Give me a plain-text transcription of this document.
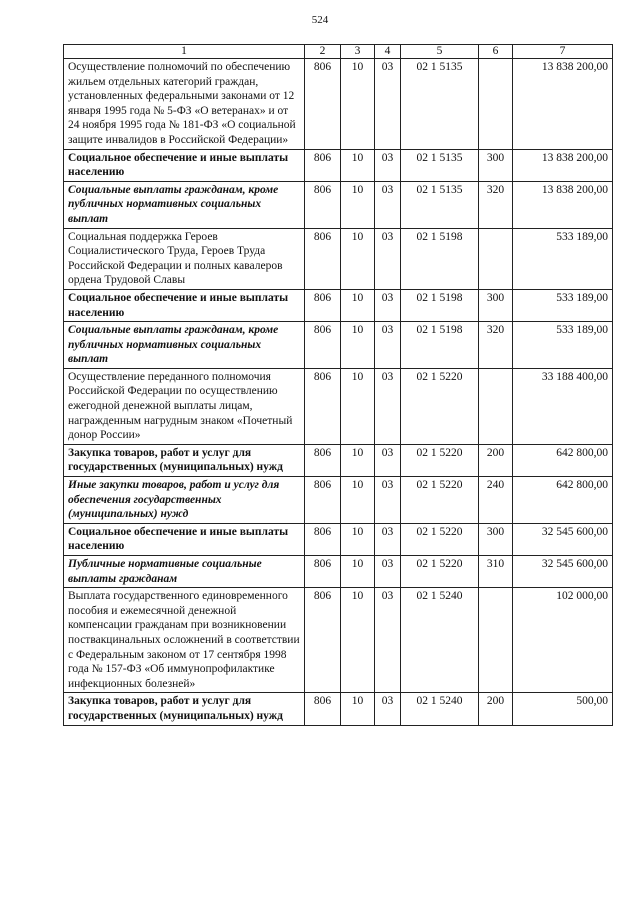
524
1	2	3	4	5	6	7
Осуществление полномочий по обеспечению жильем отдельных категорий граждан, установленных федеральными законами от 12 января 1995 года № 5-ФЗ «О ветеранах» и от 24 ноября 1995 года № 181-ФЗ «О социальной защите инвалидов в Российской Федерации»	806	10	03	02 1 5135		13 838 200,00
Социальное обеспечение и иные выплаты населению	806	10	03	02 1 5135	300	13 838 200,00
Социальные выплаты гражданам, кроме публичных нормативных социальных выплат	806	10	03	02 1 5135	320	13 838 200,00
Социальная поддержка Героев Социалистического Труда, Героев Труда Российской Федерации и полных кавалеров ордена Трудовой Славы	806	10	03	02 1 5198		533 189,00
Социальное обеспечение и иные выплаты населению	806	10	03	02 1 5198	300	533 189,00
Социальные выплаты гражданам, кроме публичных нормативных социальных выплат	806	10	03	02 1 5198	320	533 189,00
Осуществление переданного полномочия Российской Федерации по осуществлению ежегодной денежной выплаты лицам, награжденным нагрудным знаком «Почетный донор России»	806	10	03	02 1 5220		33 188 400,00
Закупка товаров, работ и услуг для государственных (муниципальных) нужд	806	10	03	02 1 5220	200	642 800,00
Иные закупки товаров, работ и услуг для обеспечения государственных (муниципальных) нужд	806	10	03	02 1 5220	240	642 800,00
Социальное обеспечение и иные выплаты населению	806	10	03	02 1 5220	300	32 545 600,00
Публичные нормативные социальные выплаты гражданам	806	10	03	02 1 5220	310	32 545 600,00
Выплата государственного единовременного пособия и ежемесячной денежной компенсации гражданам при возникновении поствакцинальных осложнений в соответствии с Федеральным законом от 17 сентября 1998 года № 157-ФЗ «Об иммунопрофилактике инфекционных болезней»	806	10	03	02 1 5240		102 000,00
Закупка товаров, работ и услуг для государственных (муниципальных) нужд	806	10	03	02 1 5240	200	500,00
